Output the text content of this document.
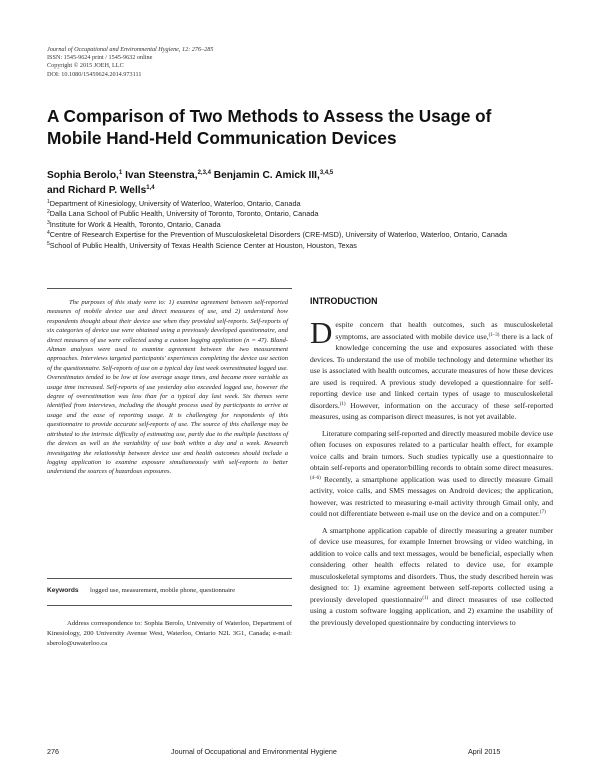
Journal of Occupational and Environmental Hygiene, 12: 276–285
ISSN: 1545-9624 print / 1545-9632 online
Copyright © 2015 JOEH, LLC
DOI: 10.1080/15459624.2014.973111
A Comparison of Two Methods to Assess the Usage of Mobile Hand-Held Communication Devices
Sophia Berolo,$^1$ Ivan Steenstra,$^{2,3,4}$ Benjamin C. Amick III,$^{3,4,5}$
and Richard P. Wells$^{1,4}$
$^1$Department of Kinesiology, University of Waterloo, Waterloo, Ontario, Canada
$^2$Dalla Lana School of Public Health, University of Toronto, Toronto, Ontario, Canada
$^3$Institute for Work & Health, Toronto, Ontario, Canada
$^4$Centre of Research Expertise for the Prevention of Musculoskeletal Disorders (CRE-MSD), University of Waterloo, Waterloo, Ontario, Canada
$^5$School of Public Health, University of Texas Health Science Center at Houston, Houston, Texas
The purposes of this study were to: 1) examine agreement between self-reported measures of mobile device use and direct measures of use, and 2) understand how respondents thought about their device use when they provided self-reports. Self-reports of six categories of device use were obtained using a previously developed questionnaire, and direct measures of use were collected using a custom logging application (n = 47). Bland-Altman analyses were used to examine agreement between the two measurement approaches. Interviews targeted participants' experiences completing the device use section of the questionnaire. Self-reports of use on a typical day last week overestimated logged use. Overestimates tended to be low at low average usage times, and became more variable as usage time increased. Self-reports of use yesterday also exceeded logged use, however the degree of overestimation was less than for a typical day last week. Six themes were identified from interviews, including the thought process used by participants to arrive at usage and the ease of reporting usage. It is challenging for respondents of this questionnaire to provide accurate self-reports of use. The source of this challenge may be attributed to the intrinsic difficulty of estimating use, partly due to the multiple functions of the devices as well as the variability of use both within a day and a week. Research investigating the relationship between device use and health outcomes should include a logging application to examine exposure simultaneously with self-reports to better understand the sources of hazardous exposures.
Keywords logged use, measurement, mobile phone, questionnaire
Address correspondence to: Sophia Berolo, University of Waterloo, Department of Kinesiology, 200 University Avenue West, Waterloo, Ontario N2L 3G1, Canada; e-mail: sberolo@uwaterloo.ca
INTRODUCTION

Despite concern that health outcomes, such as musculoskeletal symptoms, are associated with mobile device use,$^{(1-3)}$ there is a lack of knowledge concerning the use and exposures associated with these devices. To understand the use of mobile technology and determine whether its use is associated with health outcomes, accurate measures of how these devices are used is required. A previous study developed a questionnaire for self-reporting device use and linked certain types of usage to musculoskeletal disorders.$^{(1)}$ However, information on the accuracy of these self-reported measures, using as comparison direct measures, is not yet available.

Literature comparing self-reported and directly measured mobile device use often focuses on exposures related to a particular health effect, for example voice calls and brain tumors. Such studies typically use a questionnaire to obtain self-reports and operator/billing records to obtain some direct measures.$^{(4-6)}$ Recently, a smartphone application was used to directly measure Gmail activity, voice calls, and SMS messages on Android devices; the application, however, was restricted to measuring e-mail activity through Gmail only, and could not differentiate between e-mail use on the device and on a computer.$^{(7)}$

A smartphone application capable of directly measuring a greater number of device use measures, for example Internet browsing or video watching, in addition to voice calls and text messages, would be beneficial, especially when considering other health effects related to device use, for example musculoskeletal symptoms and disorders. Thus, the study described herein was designed to: 1) examine agreement between self-reports collected using a previously developed questionnaire$^{(1)}$ and direct measures of use collected using a custom software logging application, and 2) examine the usability of the previously developed questionnaire by conducting interviews to

276	Journal of Occupational and Environmental Hygiene	April 2015
